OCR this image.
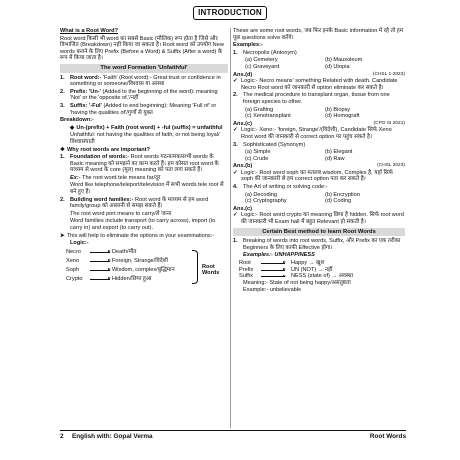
INTRODUCTION
What is a Root Word?
Root word किसी भी word का सबसे Basic (मौलिक) रूप होता है जिसे और विभाजित (Breakdown) नहीं किया जा सकता है। Root word को उपयोग New words बनाने के लिए Prefix (Before a Word) & Suffix (After a word) के रूप में किया जाता है।
The word Formation 'Unfaithful'
1. Root word:- 'Faith' (Root word):- Great trust or confidence in something or someone/विश्वास या आस्था
2. Prefix: 'Un-' (Added to the beginning of the word): meaning 'Not' or the 'opposite of.'/नहीं
3. Suffix: '-Ful' (Added to end beginning): Meaning 'Full of' or 'having the qualities of'/गुणों से युक्त
Breakdown:-
◆ Un-(prefix) + Faith (root word) + -ful (suffix) = unfaithful
Unfaithful: not having the qualities of faith, or not being loyal/विश्वासघाती
❖ Why root words are important?
1. Foundation of words:- Root words गठनात्मक/सभी words के Basic meaning को समझने का काम करते हैं। हम कोसत root word के माध्यम से word के core (मूल) meaning को पता लगा सकते हैं।
Ex:- The root word tele means far/दूर
Word like telephone/teleport/television में सभी words tele root से बने हुए हैं।
2. Building word families:- Root word के माध्यम से हम word family/group को आसानी से समझ सकते हैं।
The root word port means to carry/ले जाना
Word families include transport (to carry across), import (to carry in) and export (to carry out).
➤ This will help to eliminate the options in your examinations:-
Logic:-
Necro	Death/मौत
Xeno	Foreign, Strange/विदेशी
Soph	Wisdom, complex/बुद्धिमान
Crypto	Hidden/छिपा हुआ
Root Words
These are some root words, जब फिर इनके Basic information मे रहे तो हम पूछ questions solve करेंगे।
Examples:-
1. Necropolis (Antonym)
(a) Cemetery	(b) Mausoleum
(c) Graveyard	(d) Utopia
Ans.(d)	(CHSL 1-2023)
✓ Logic:- Necro means' something Related with death. Candidate Necro Root word को जानकारी से option eliminate कर सकते है।
2. The medical procedure to transplant organ, tissue from one foreign species to other.
(a) Grafting	(b) Biopsy
(c) Xenotransplant	(d) Homograft
Ans.(c)	(CPO SI 2021)
✓ Logic:- Xeno:- 'foreign, Strange'/(विदेशी), Candidate सिर्फ Xeno Root word की जानकारी से correct option पर पहुंच सकते है।
3. Sophisticated (Synonym)
(a) Simple	(b) Elegant
(c) Crude	(d) Raw
Ans.(b)	(CHSL 2023)
✓ Logic:- Root word soph का मतलब wisdom, Complex है, यहाँ सिर्फ soph की जानकारी से हम correct option पता कर सकते है।
4. The Art of writing or solving code:-
(a) Decoding	(b) Encryption
(c) Cryptography	(d) Coding
Ans.(c)
✓ Logic:- Root word crypto का meaning छिपा है hidden. सिर्फ root word की जानकारी भी Exam hall में बहुत Relevant हो सकती है।
Certain Best method to learn Root Words
1. Breaking of words into root words, Suffix, और Prefix का एक तरीका Beginners के लिए काफी Effective होगा।
Examples:- UNHAPPINESS
Root	Happy → खुश
Prefix	UN (NOT) → नहीं
Suffix	NESS (state of) → अवस्था
Meaning:- State of not being happy/असंतुष्टता
Example:- unbelievable
2	English with: Gopal Verma	Root Words
